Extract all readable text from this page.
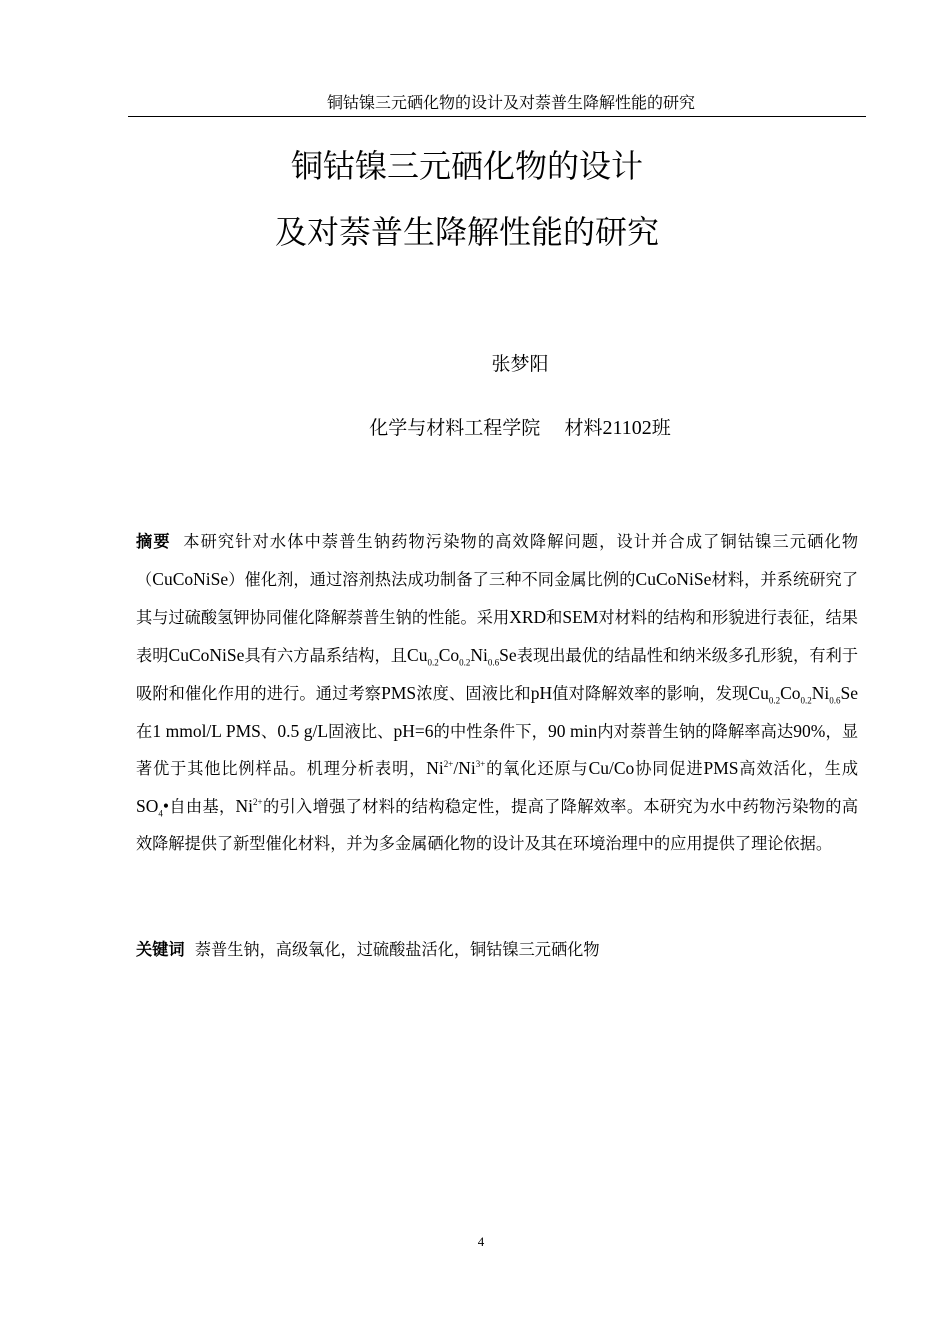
铜钴镍三元硒化物的设计及对萘普生降解性能的研究
铜钴镍三元硒化物的设计
及对萘普生降解性能的研究
张梦阳
化学与材料工程学院 材料21102班
摘要 本研究针对水体中萘普生钠药物污染物的高效降解问题，设计并合成了铜钴镍三元硒化物（CuCoNiSe）催化剂，通过溶剂热法成功制备了三种不同金属比例的CuCoNiSe材料，并系统研究了其与过硫酸氢钾协同催化降解萘普生钠的性能。采用XRD和SEM对材料的结构和形貌进行表征，结果表明CuCoNiSe具有六方晶系结构，且$Cu_{0.2}Co_{0.2}Ni_{0.6}Se$表现出最优的结晶性和纳米级多孔形貌，有利于吸附和催化作用的进行。通过考察PMS浓度、固液比和pH值对降解效率的影响，发现$Cu_{0.2}Co_{0.2}Ni_{0.6}Se$在1 mmol/L PMS、0.5 g/L固液比、pH=6的中性条件下，90 min内对萘普生钠的降解率高达90%，显著优于其他比例样品。机理分析表明，$Ni^{2+}/Ni^{3+}$的氧化还原与Cu/Co协同促进PMS高效活化，生成$SO_4•$自由基，$Ni^{2+}$的引入增强了材料的结构稳定性，提高了降解效率。本研究为水中药物污染物的高效降解提供了新型催化材料，并为多金属硒化物的设计及其在环境治理中的应用提供了理论依据。
关键词 萘普生钠，高级氧化，过硫酸盐活化，铜钴镍三元硒化物
4
